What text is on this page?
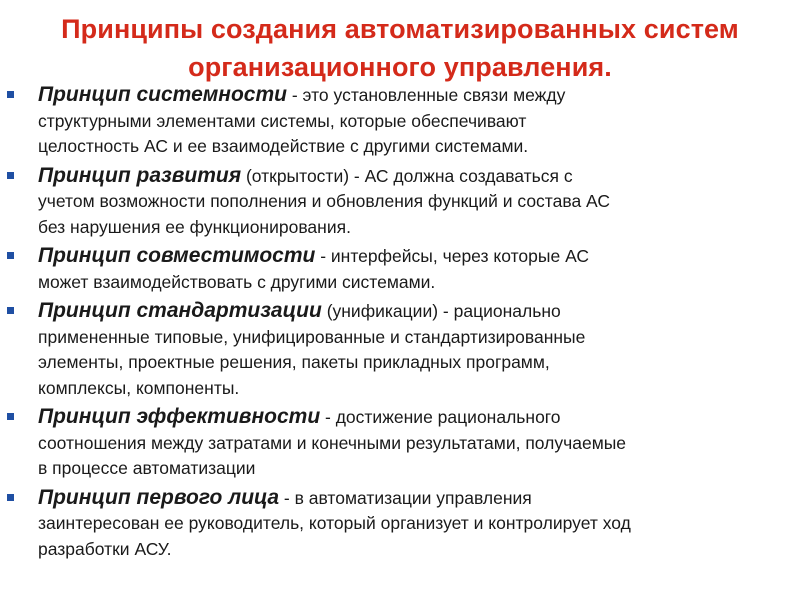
Принципы создания автоматизированных систем
организационного управления.
Принцип системности - это установленные связи между
структурными элементами системы, которые обеспечивают
целостность АС и ее взаимодействие с другими системами.
Принцип развития (открытости) - АС должна создаваться с
учетом возможности пополнения и обновления функций и состава АС
без нарушения ее функционирования.
Принцип совместимости - интерфейсы, через которые АС
может взаимодействовать с другими системами.
Принцип стандартизации (унификации) - рационально
примененные типовые, унифицированные и стандартизированные
элементы, проектные решения, пакеты прикладных программ,
комплексы, компоненты.
Принцип эффективности - достижение рационального
соотношения между затратами и конечными результатами, получаемые
в процессе автоматизации
Принцип первого лица - в автоматизации управления
заинтересован ее руководитель, который организует и контролирует ход
разработки АСУ.
